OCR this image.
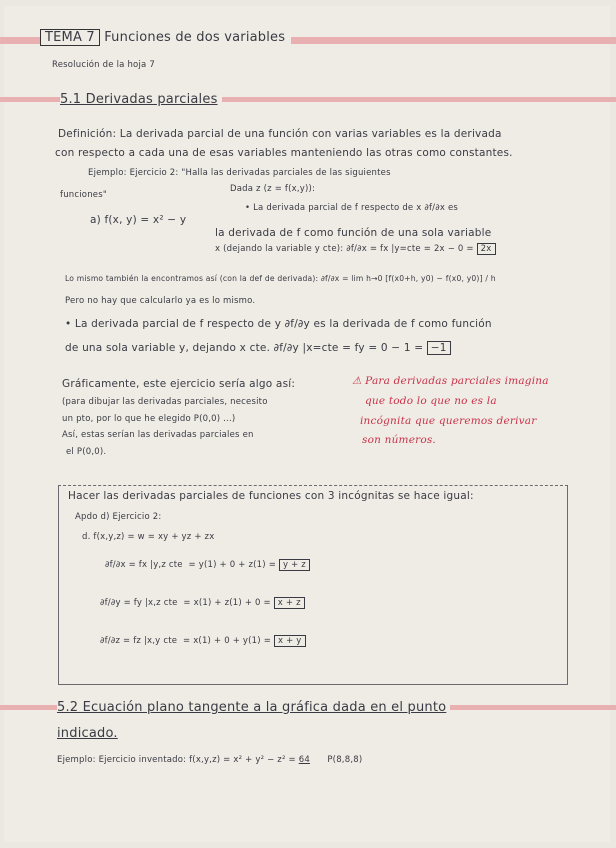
TEMA 7 Funciones de dos variables
Resolución de la hoja 7
5.1 Derivadas parciales
Definición: La derivada parcial de una función con varias variables es la derivada
con respecto a cada una de esas variables manteniendo las otras como constantes.
Ejemplo: Ejercicio 2: "Halla las derivadas parciales de las siguientes
funciones"
Dada z (z = f(x,y)):
• La derivada parcial de f respecto de x ∂f/∂x es
a) f(x, y) = x² − y
la derivada de f como función de una sola variable
x (dejando la variable y cte): ∂f/∂x = fx |y=cte = 2x − 0 = 2x
Lo mismo también la encontramos así (con la def de derivada): ∂f/∂x = lim h→0 [f(x0+h, y0) − f(x0, y0)] / h
Pero no hay que calcularlo ya es lo mismo.
• La derivada parcial de f respecto de y ∂f/∂y es la derivada de f como función
de una sola variable y, dejando x cte. ∂f/∂y |x=cte = fy = 0 − 1 = −1
Gráficamente, este ejercicio sería algo así:
(para dibujar las derivadas parciales, necesito
un pto, por lo que he elegido P(0,0) ...)
Así, estas serían las derivadas parciales en
el P(0,0).
⚠ Para derivadas parciales imagina
que todo lo que no es la
incógnita que queremos derivar
son números.
Hacer las derivadas parciales de funciones con 3 incógnitas se hace igual:
Apdo d) Ejercicio 2:
d. f(x,y,z) = w = xy + yz + zx
∂f/∂x = fx |y,z cte = y(1) + 0 + z(1) = y + z
∂f/∂y = fy |x,z cte = x(1) + z(1) + 0 = x + z
∂f/∂z = fz |x,y cte = x(1) + 0 + y(1) = x + y
5.2 Ecuación plano tangente a la gráfica dada en el punto
indicado.
Ejemplo: Ejercicio inventado: f(x,y,z) = x² + y² − z² = 64 P(8,8,8)
